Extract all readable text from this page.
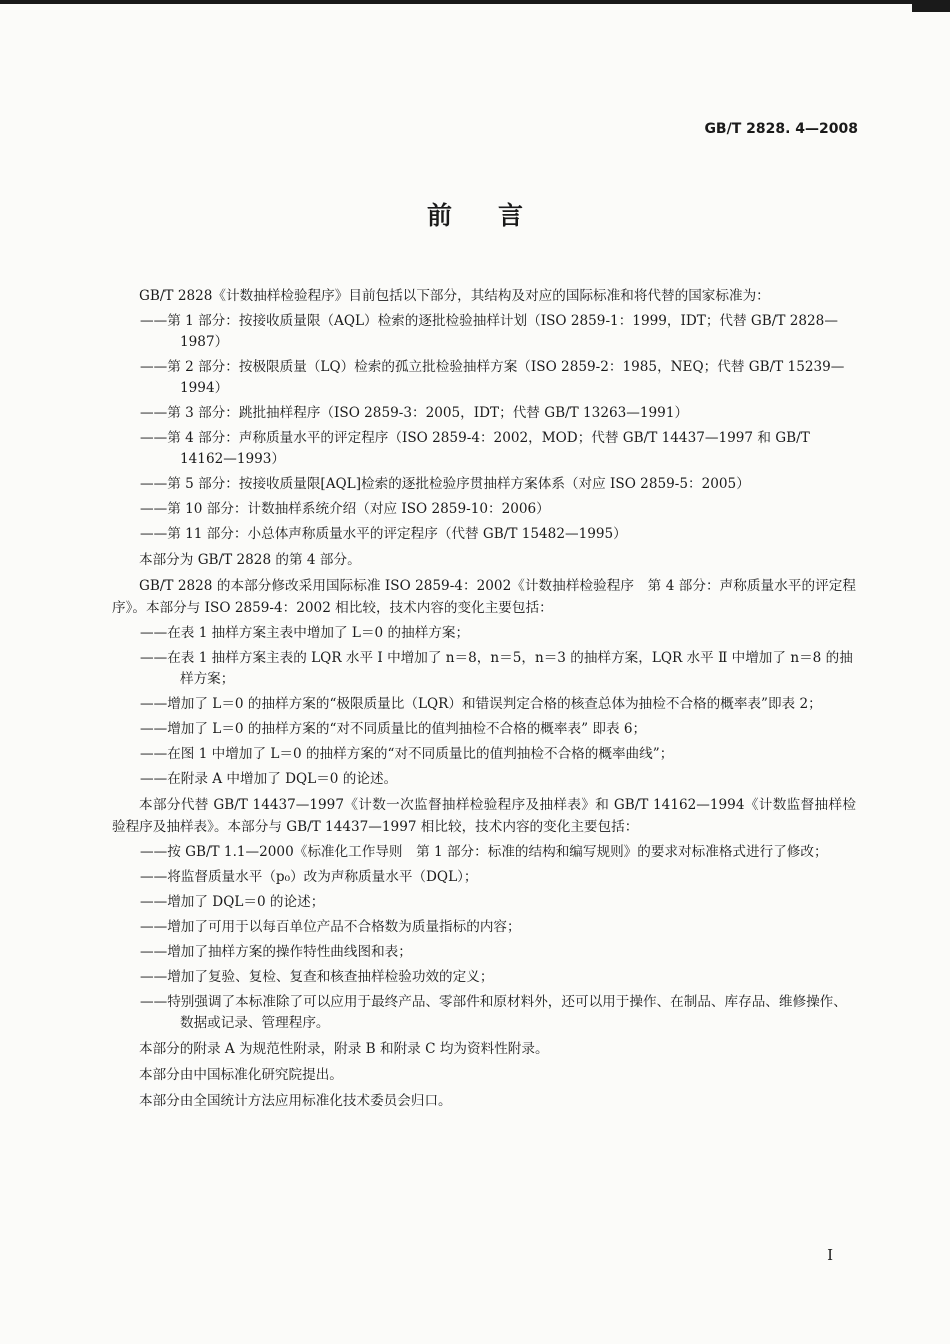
GB/T 2828. 4—2008
前言

GB/T 2828《计数抽样检验程序》目前包括以下部分，其结构及对应的国际标准和将代替的国家标准为：

——第 1 部分：按接收质量限（AQL）检索的逐批检验抽样计划（ISO 2859-1：1999，IDT；代替 GB/T 2828—1987）

——第 2 部分：按极限质量（LQ）检索的孤立批检验抽样方案（ISO 2859-2：1985，NEQ；代替 GB/T 15239—1994）

——第 3 部分：跳批抽样程序（ISO 2859-3：2005，IDT；代替 GB/T 13263—1991）

——第 4 部分：声称质量水平的评定程序（ISO 2859-4：2002，MOD；代替 GB/T 14437—1997 和 GB/T 14162—1993）

——第 5 部分：按接收质量限[AQL]检索的逐批检验序贯抽样方案体系（对应 ISO 2859-5：2005）

——第 10 部分：计数抽样系统介绍（对应 ISO 2859-10：2006）

——第 11 部分：小总体声称质量水平的评定程序（代替 GB/T 15482—1995）

本部分为 GB/T 2828 的第 4 部分。

GB/T 2828 的本部分修改采用国际标准 ISO 2859-4：2002《计数抽样检验程序　第 4 部分：声称质量水平的评定程序》。本部分与 ISO 2859-4：2002 相比较，技术内容的变化主要包括：

——在表 1 抽样方案主表中增加了 L＝0 的抽样方案；

——在表 1 抽样方案主表的 LQR 水平 Ⅰ 中增加了 n＝8，n＝5，n＝3 的抽样方案，LQR 水平 Ⅱ 中增加了 n＝8 的抽样方案；

——增加了 L＝0 的抽样方案的“极限质量比（LQR）和错误判定合格的核查总体为抽检不合格的概率表”即表 2；

——增加了 L＝0 的抽样方案的“对不同质量比的值判抽检不合格的概率表” 即表 6；

——在图 1 中增加了 L＝0 的抽样方案的“对不同质量比的值判抽检不合格的概率曲线”；

——在附录 A 中增加了 DQL＝0 的论述。

本部分代替 GB/T 14437—1997《计数一次监督抽样检验程序及抽样表》和 GB/T 14162—1994《计数监督抽样检验程序及抽样表》。本部分与 GB/T 14437—1997 相比较，技术内容的变化主要包括：

——按 GB/T 1.1—2000《标准化工作导则　第 1 部分：标准的结构和编写规则》的要求对标准格式进行了修改；

——将监督质量水平（p₀）改为声称质量水平（DQL）；

——增加了 DQL＝0 的论述；

——增加了可用于以每百单位产品不合格数为质量指标的内容；

——增加了抽样方案的操作特性曲线图和表；

——增加了复验、复检、复查和核查抽样检验功效的定义；

——特别强调了本标准除了可以应用于最终产品、零部件和原材料外，还可以用于操作、在制品、库存品、维修操作、数据或记录、管理程序。

本部分的附录 A 为规范性附录，附录 B 和附录 C 均为资料性附录。

本部分由中国标准化研究院提出。

本部分由全国统计方法应用标准化技术委员会归口。

I
